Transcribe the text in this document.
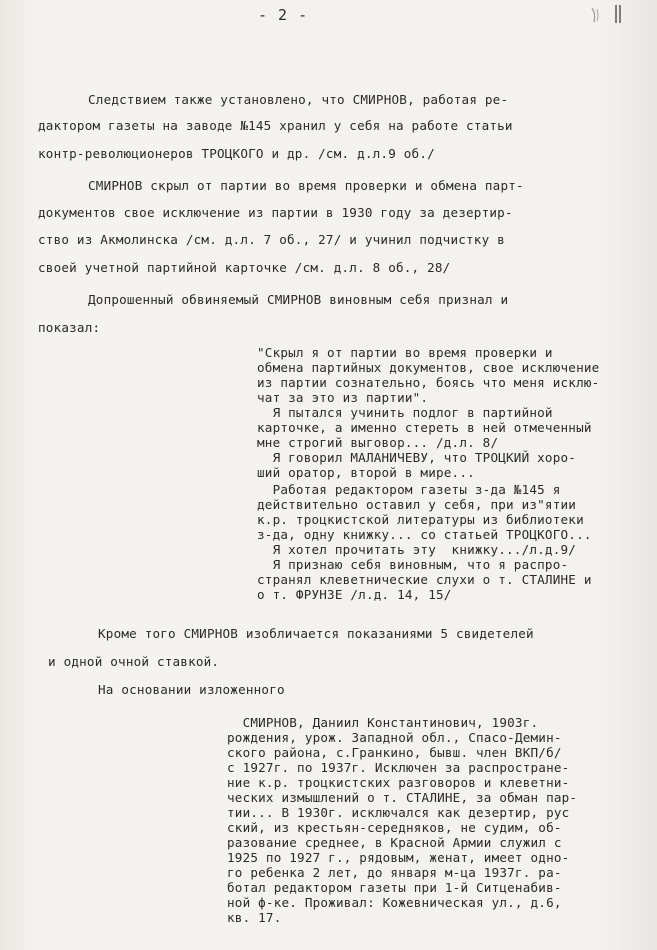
- 2 -
Следствием также установлено, что СМИРНОВ, работая ре-
дактором газеты на заводе №145 хранил у себя на работе статьи
контр-революционеров ТРОЦКОГО и др. /см. д.л.9 об./
СМИРНОВ скрыл от партии во время проверки и обмена парт-
документов свое исключение из партии в 1930 году за дезертир-
ство из Акмолинска /см. д.л. 7 об., 27/ и учинил подчистку в
своей учетной партийной карточке /см. д.л. 8 об., 28/
Допрошенный обвиняемый СМИРНОВ виновным себя признал и
показал:
"Скрыл я от партии во время проверки и
обмена партийных документов, свое исключение
из партии сознательно, боясь что меня исклю-
чат за это из партии".
Я пытался учинить подлог в партийной
карточке, а именно стереть в ней отмеченный
мне строгий выговор... /д.л. 8/
Я говорил МАЛАНИЧЕВУ, что ТРОЦКИЙ хоро-
ший оратор, второй в мире...
Работая редактором газеты з-да №145 я
действительно оставил у себя, при из"ятии
к.р. троцкистской литературы из библиотеки
з-да, одну книжку... со статьей ТРОЦКОГО...
Я хотел прочитать эту  книжку.../л.д.9/
Я признаю себя виновным, что я распро-
странял клеветнические слухи о т. СТАЛИНЕ и
о т. ФРУНЗЕ /л.д. 14, 15/
Кроме того СМИРНОВ изобличается показаниями 5 свидетелей
и одной очной ставкой.
На основании изложенного
СМИРНОВ, Даниил Константинович, 1903г.
рождения, урож. Западной обл., Спасо-Демин-
ского района, с.Гранкино, бывш. член ВКП/б/
с 1927г. по 1937г. Исключен за распростране-
ние к.р. троцкистских разговоров и клеветни-
ческих измышлений о т. СТАЛИНЕ, за обман пар-
тии... В 1930г. исключался как дезертир, рус
ский, из крестьян-середняков, не судим, об-
разование среднее, в Красной Армии служил с
1925 по 1927 г., рядовым, женат, имеет одно-
го ребенка 2 лет, до января м-ца 1937г. ра-
ботал редактором газеты при 1-й Ситценабив-
ной ф-ке. Проживал: Кожевническая ул., д.6,
кв. 17.
